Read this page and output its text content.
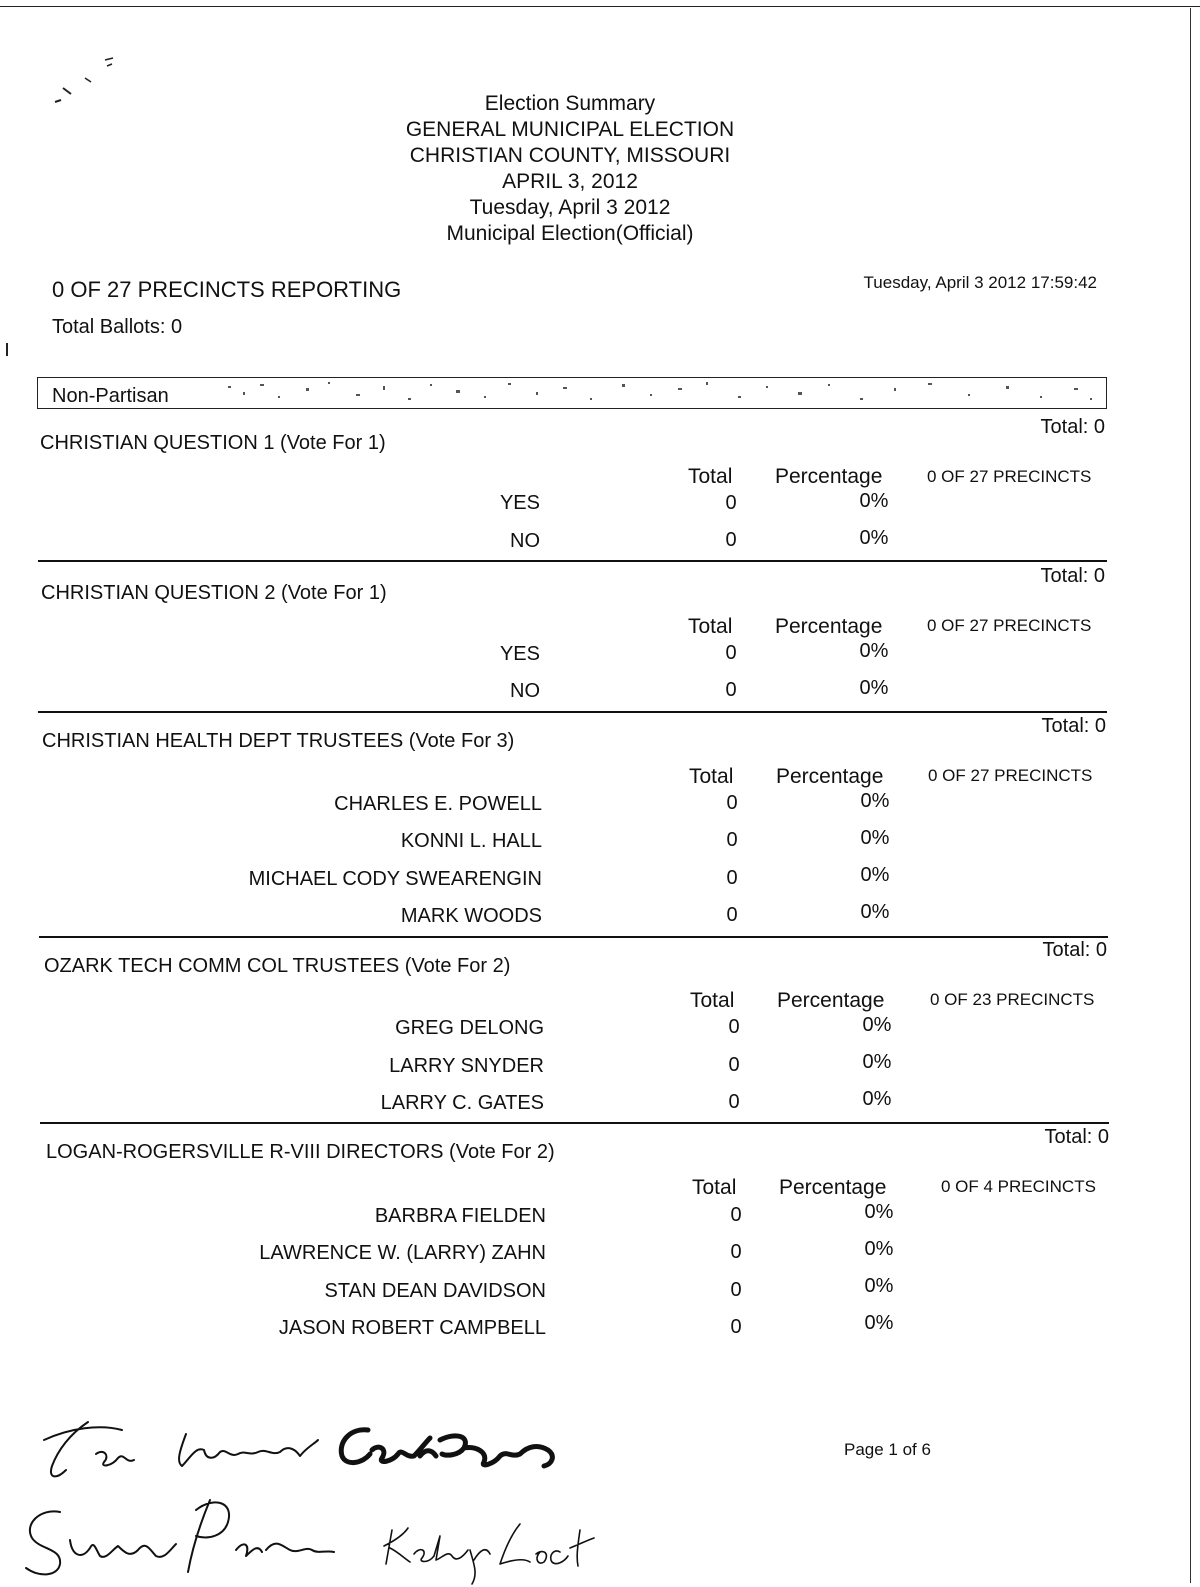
Election Summary
GENERAL MUNICIPAL ELECTION
CHRISTIAN COUNTY, MISSOURI
APRIL 3, 2012
Tuesday, April 3 2012
Municipal Election(Official)
0 OF 27 PRECINCTS REPORTING
Total Ballots: 0
Tuesday, April 3 2012 17:59:42
Non-Partisan
Total: 0
CHRISTIAN QUESTION 1 (Vote For 1)
Total Percentage	0 OF 27 PRECINCTS
YES	0	0%
NO	0	0%
Total: 0
CHRISTIAN QUESTION 2 (Vote For 1)
Total Percentage	0 OF 27 PRECINCTS
YES	0	0%
NO	0	0%
Total: 0
CHRISTIAN HEALTH DEPT TRUSTEES (Vote For 3)
Total Percentage	0 OF 27 PRECINCTS
CHARLES E. POWELL	0	0%
KONNI L. HALL	0	0%
MICHAEL CODY SWEARENGIN	0	0%
MARK WOODS	0	0%
Total: 0
OZARK TECH COMM COL TRUSTEES (Vote For 2)
Total Percentage	0 OF 23 PRECINCTS
GREG DELONG	0	0%
LARRY SNYDER	0	0%
LARRY C. GATES	0	0%
Total: 0
LOGAN-ROGERSVILLE R-VIII DIRECTORS (Vote For 2)
Total Percentage	0 OF 4 PRECINCTS
BARBRA FIELDEN	0	0%
LAWRENCE W. (LARRY) ZAHN	0	0%
STAN DEAN DAVIDSON	0	0%
JASON ROBERT CAMPBELL	0	0%
Page 1 of 6
